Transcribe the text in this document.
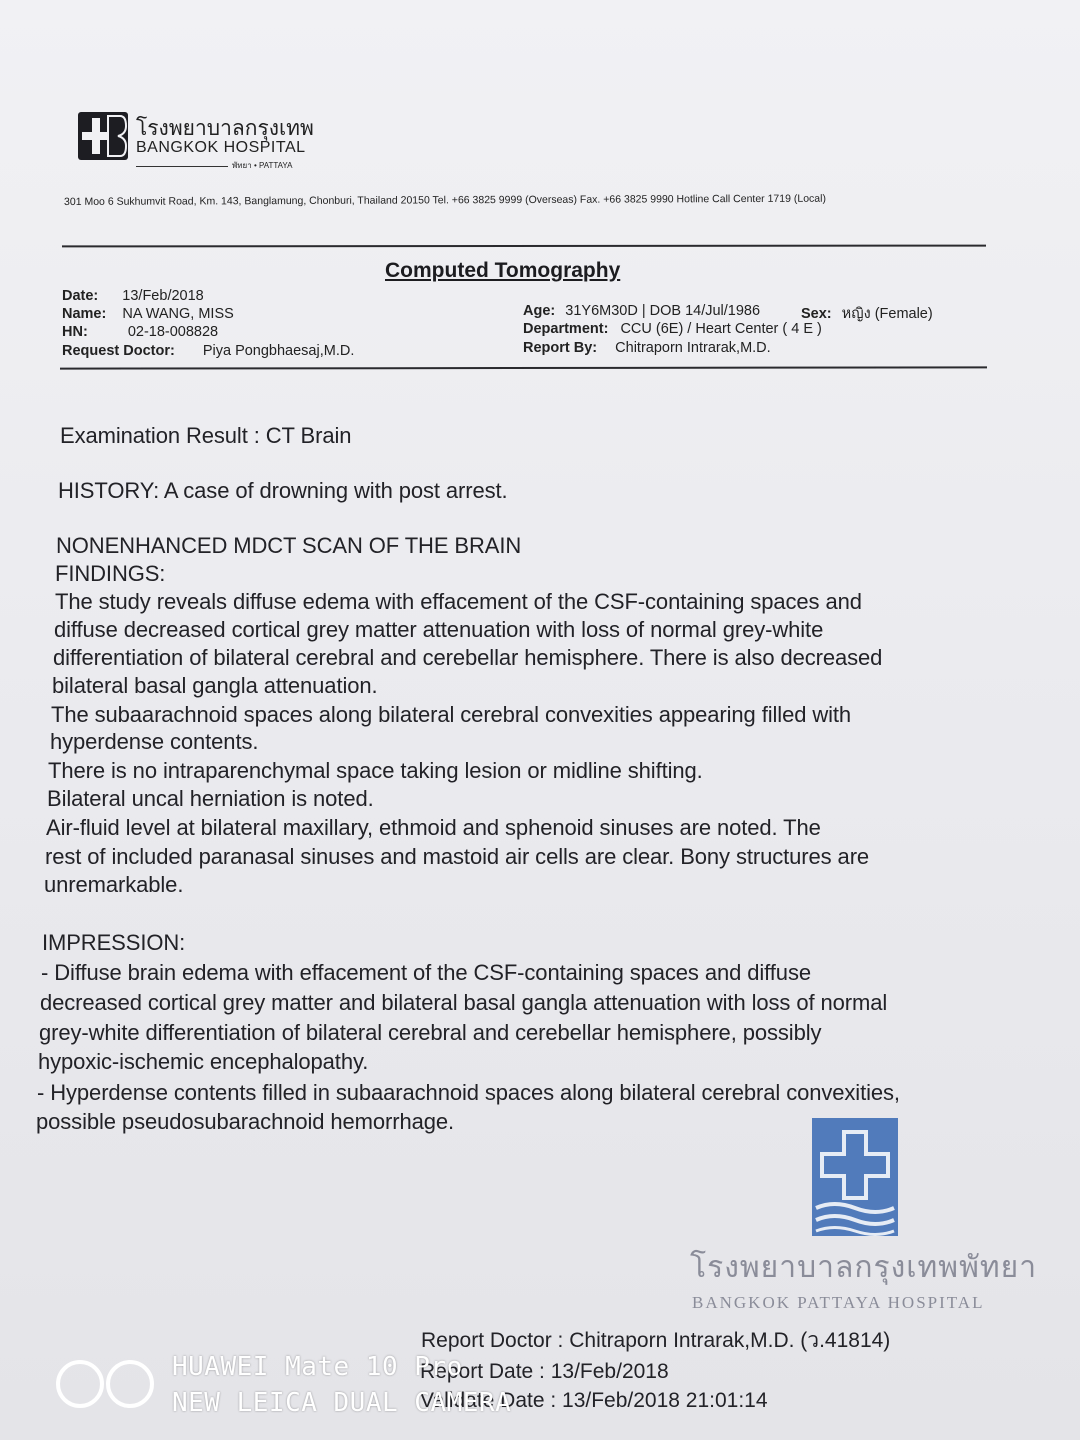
โรงพยาบาลกรุงเทพ
BANGKOK HOSPITAL
พัทยา • PATTAYA
301 Moo 6 Sukhumvit Road, Km. 143, Banglamung, Chonburi, Thailand 20150 Tel. +66 3825 9999 (Overseas) Fax. +66 3825 9990 Hotline Call Center 1719 (Local)
Computed Tomography
Date: 13/Feb/2018
Name: NA WANG, MISS
HN:	02-18-008828
Request Doctor: Piya Pongbhaesaj,M.D.
Age: 31Y6M30D | DOB 14/Jul/1986	Sex: หญิง (Female)
Department: CCU (6E) / Heart Center ( 4 E )
Report By: Chitraporn Intrarak,M.D.
Examination Result : CT Brain
HISTORY: A case of drowning with post arrest.
NONENHANCED MDCT SCAN OF THE BRAIN
FINDINGS:
The study reveals diffuse edema with effacement of the CSF-containing spaces and
diffuse decreased cortical grey matter attenuation with loss of normal grey-white
differentiation of bilateral cerebral and cerebellar hemisphere. There is also decreased
bilateral basal gangla attenuation.
The subaarachnoid spaces along bilateral cerebral convexities appearing filled with
hyperdense contents.
There is no intraparenchymal space taking lesion or midline shifting.
Bilateral uncal herniation is noted.
Air-fluid level at bilateral maxillary, ethmoid and sphenoid sinuses are noted. The
rest of included paranasal sinuses and mastoid air cells are clear. Bony structures are
unremarkable.
IMPRESSION:
- Diffuse brain edema with effacement of the CSF-containing spaces and diffuse
decreased cortical grey matter and bilateral basal gangla attenuation with loss of normal
grey-white differentiation of bilateral cerebral and cerebellar hemisphere, possibly
hypoxic-ischemic encephalopathy.
- Hyperdense contents filled in subaarachnoid spaces along bilateral cerebral convexities,
possible pseudosubarachnoid hemorrhage.
โรงพยาบาลกรุงเทพพัทยา
BANGKOK PATTAYA HOSPITAL
Report Doctor : Chitraporn Intrarak,M.D. (ว.41814)
Report Date : 13/Feb/2018
Validate Date : 13/Feb/2018 21:01:14
HUAWEI Mate 10 Pro
NEW LEICA DUAL CAMERA
